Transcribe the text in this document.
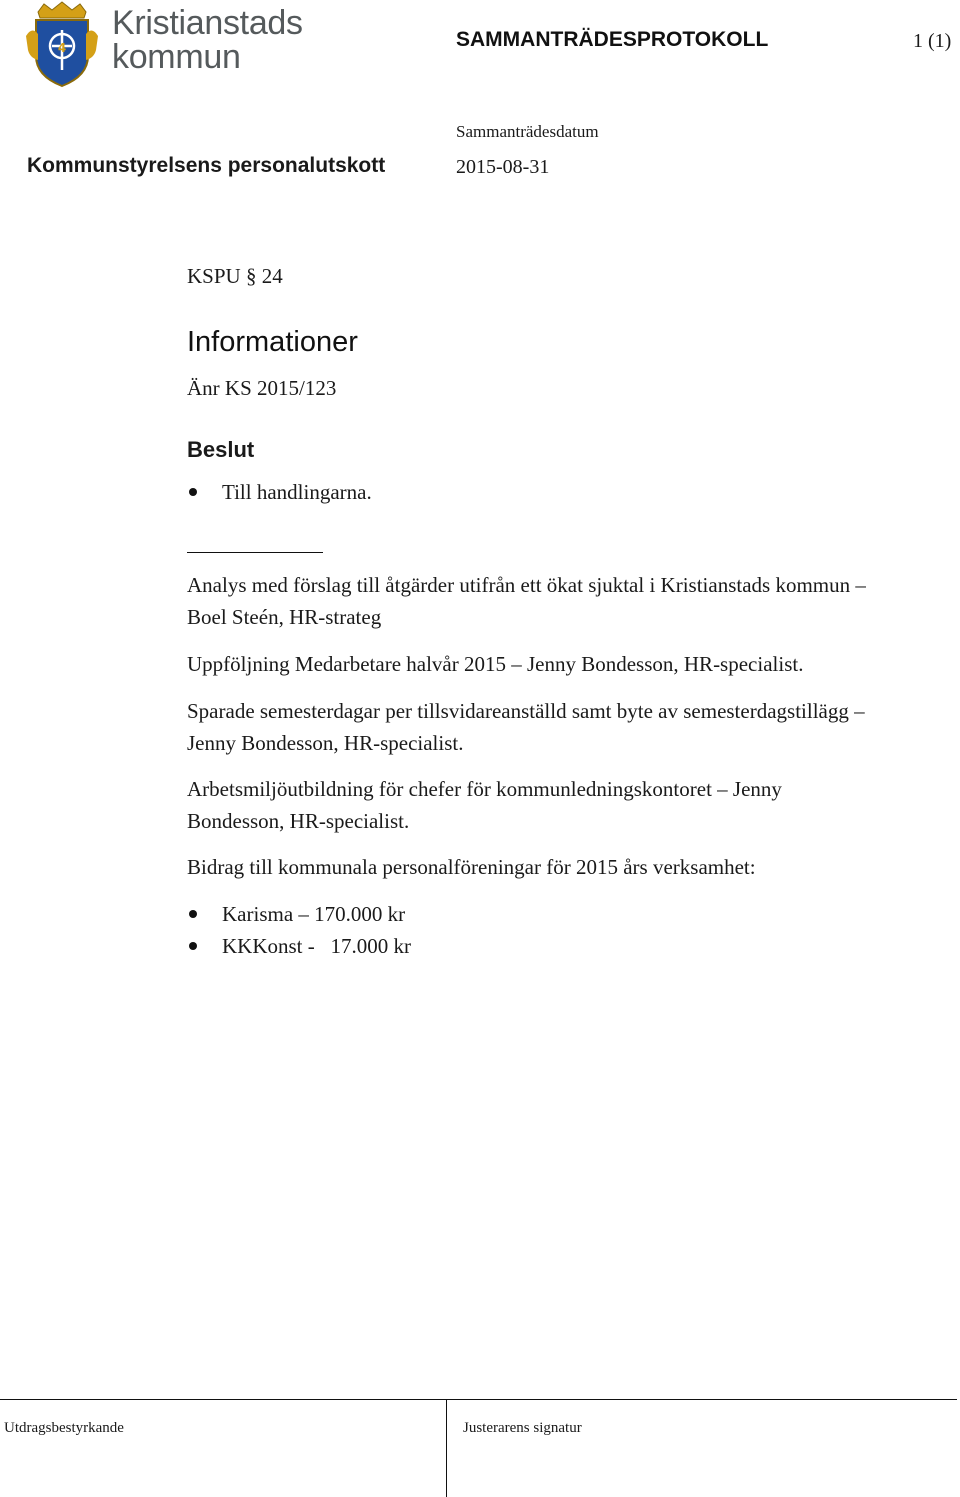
4
Kristianstads
kommun	SAMMANTRÄDESPROTOKOLL	1 (1)
Sammanträdesdatum
Kommunstyrelsens personalutskott	2015-08-31
KSPU § 24
Informationer
Änr KS 2015/123
Beslut
Till handlingarna.
Analys med förslag till åtgärder utifrån ett ökat sjuktal i Kristianstads kommun – Boel Steén, HR-strateg
Uppföljning Medarbetare halvår 2015 – Jenny Bondesson, HR-specialist.
Sparade semesterdagar per tillsvidareanställd samt byte av semesterdagstillägg – Jenny Bondesson, HR-specialist.
Arbetsmiljöutbildning för chefer för kommunledningskontoret – Jenny Bondesson, HR-specialist.
Bidrag till kommunala personalföreningar för 2015 års verksamhet:
Karisma – 170.000 kr
KKKonst -   17.000 kr
Utdragsbestyrkande	Justerarens signatur
